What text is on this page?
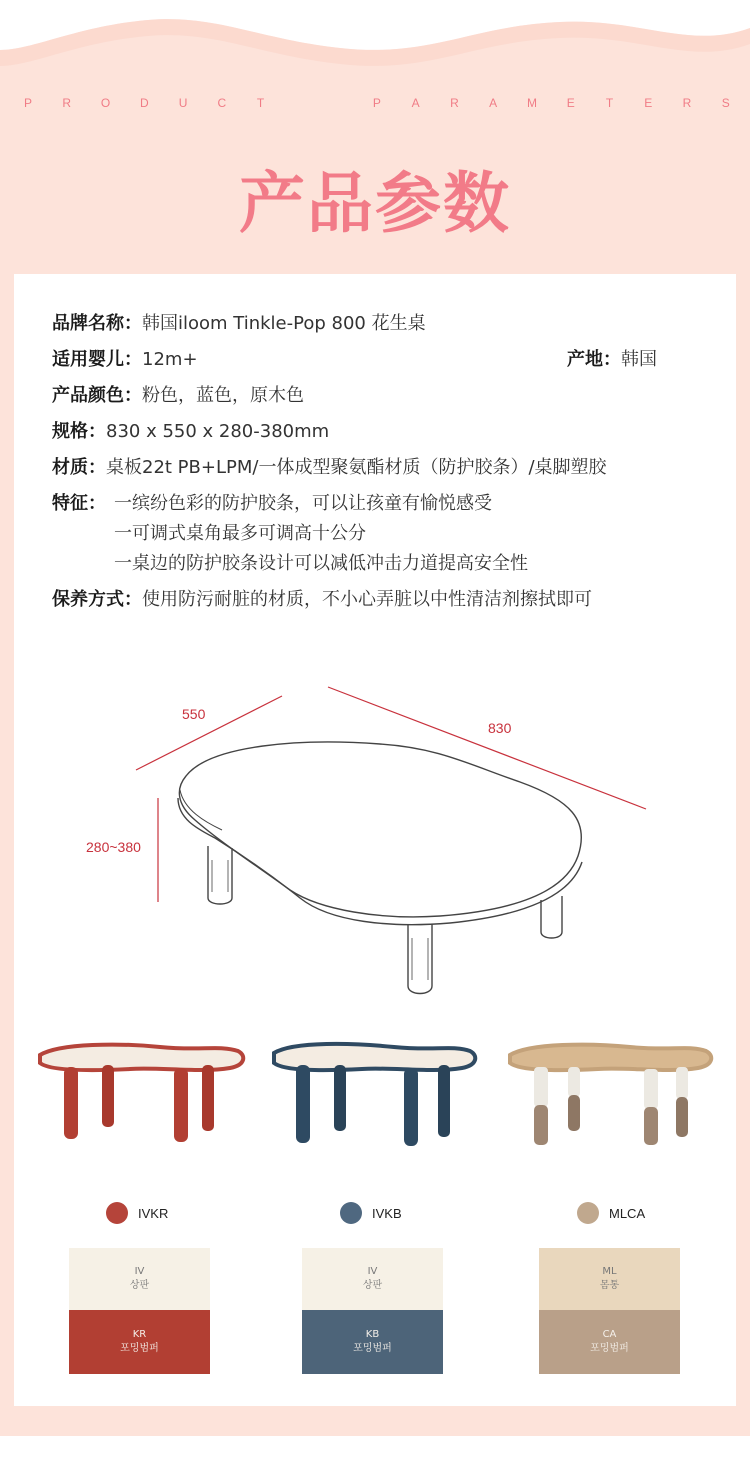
P	R O D	U	C	T	P	A	R	A M E	T	E	R	S
产品参数
品牌名称：韩国iloom Tinkle-Pop 800 花生桌
适用婴儿：12m+	产地：韩国
产品颜色：粉色，蓝色，原木色
规格：830 x 550 x 280-380mm
材质：桌板22t PB+LPM/一体成型聚氨酯材质（防护胶条）/桌脚塑胶
特征： 一缤纷色彩的防护胶条，可以让孩童有愉悦感受
一可调式桌角最多可调高十公分
一桌边的防护胶条设计可以减低冲击力道提高安全性
保养方式：使用防污耐脏的材质，不小心弄脏以中性清洁剂擦拭即可
550
830
280~380
IVKR	IVKB	MLCA
IV
상판
KR
포밍범퍼
IV
상판
KB
포밍범퍼
ML
몸통
CA
포밍범퍼
